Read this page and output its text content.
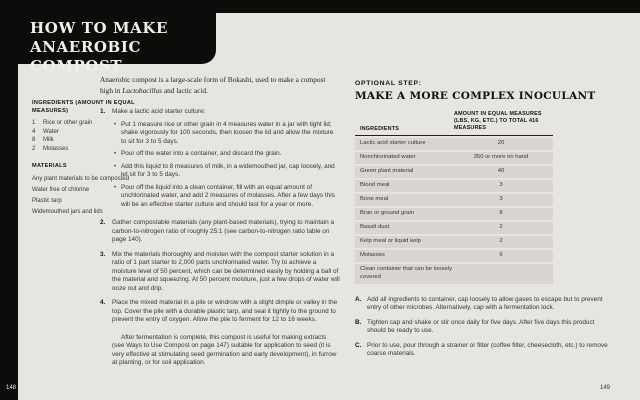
HOW TO MAKE
ANAEROBIC COMPOST
INGREDIENTS (AMOUNT IN EQUAL MEASURES)
1	Rice or other grain
4	Water
8	Milk
2	Molasses
MATERIALS
Any plant materials to be composted
Water free of chlorine
Plastic tarp
Widemouthed jars and lids

Anaerobic compost is a large-scale form of Bokashi, used to make a compost high in Lactobacillus and lactic acid.

1.	Make a lactic acid starter culture:

•

Put 1 measure rice or other grain in 4 measures water in a jar with tight lid; shake vigorously for 100 seconds, then loosen the lid and allow the mixture to sit for 3 to 5 days.

•

Pour off the water into a container, and discard the grain.

•

Add this liquid to 8 measures of milk, in a widemouthed jar, cap loosely, and let sit for 3 to 5 days.

•

Pour off the liquid into a clean container, fill with an equal amount of unchlorinated water, and add 2 measures of molasses. After a few days this will be an effective starter culture and should last for a year or more.

2.	Gather compostable materials (any plant-based materials), trying to maintain a carbon-to-nitrogen ratio of roughly 25:1 (see carbon-to-nitrogen ratio table on page 140).

3.	Mix the materials thoroughly and moisten with the compost starter solution in a ratio of 1 part starter to 2,000 parts unchlorinated water. Try to achieve a moisture level of 50 percent, which can be determined easily by holding a ball of the material and squeezing. At 50 percent moisture, just a few drops of water will ooze out and drip.

4.	Place the mixed material in a pile or windrow with a slight dimple or valley in the top. Cover the pile with a durable plastic tarp, and seal it tightly to the ground to prevent the entry of oxygen. Allow the pile to ferment for 12 to 16 weeks.

After fermentation is complete, this compost is useful for making extracts (see Ways to Use Compost on page 147) suitable for application to seed (it is very effective at stimulating seed germination and early development), in furrow at planting, or for soil application.

OPTIONAL STEP:
MAKE A MORE COMPLEX INOCULANT
INGREDIENTS
AMOUNT IN EQUAL MEASURES (LBS, KG, ETC.) TO TOTAL 416 MEASURES
Lactic acid starter culture	20
Nonchlorinated water	350 or more on hand
Green plant material	40
Blood meal	3
Bone meal	3
Bran or ground grain	8
Basalt dust	2
Kelp meal or liquid kelp	2
Molasses	6
Clean container that can be loosely covered
A. Add all ingredients to container, cap loosely to allow gases to escape but to prevent entry of other microbes. Alternatively, cap with a fermentation lock.

B. Tighten cap and shake or stir once daily for five days. After five days this product should be ready to use.

C. Prior to use, pour through a strainer or filter (coffee filter, cheesecloth, etc.) to remove coarse materials.

148	149
